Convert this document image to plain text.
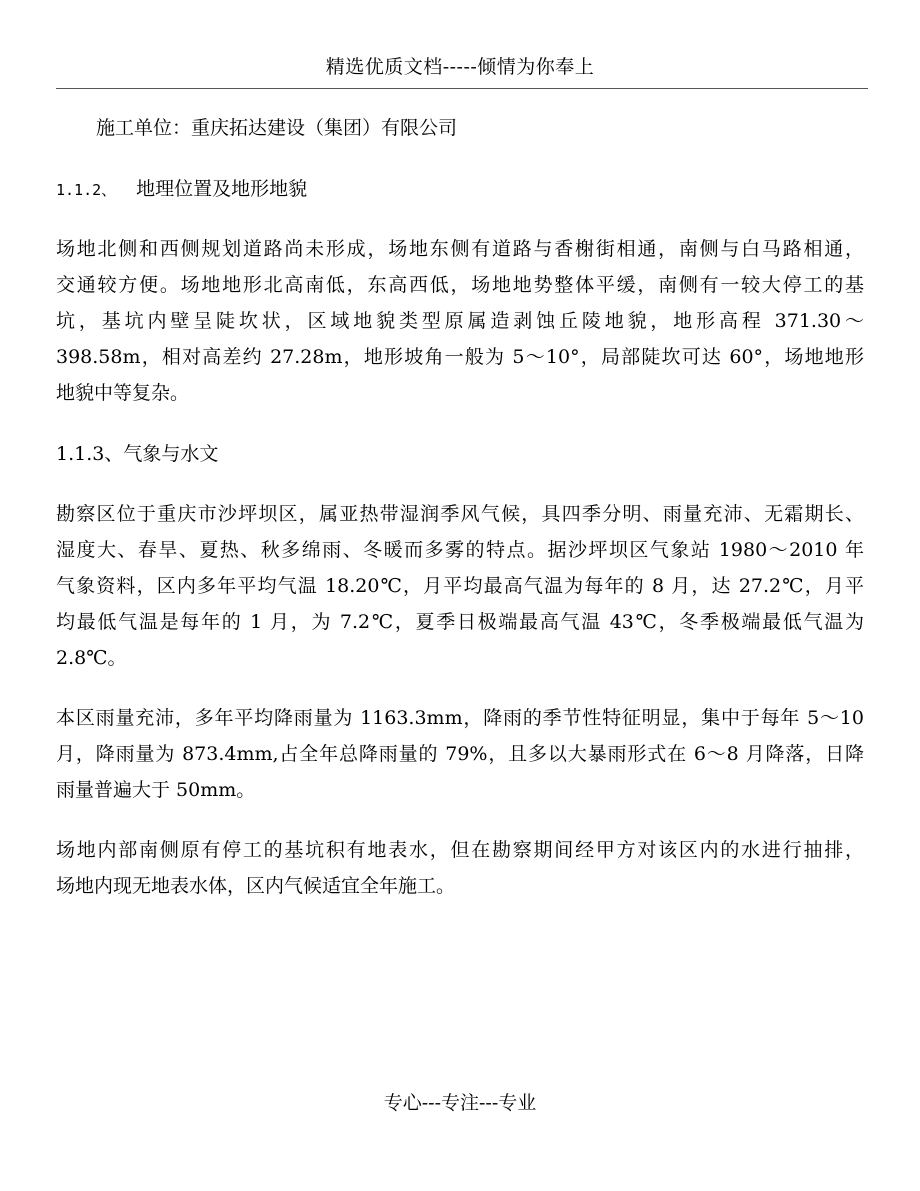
精选优质文档-----倾情为你奉上
施工单位：重庆拓达建设（集团）有限公司
1.1.2、 地理位置及地形地貌
场地北侧和西侧规划道路尚未形成，场地东侧有道路与香榭街相通，南侧与白马路相通，
交通较方便。场地地形北高南低，东高西低，场地地势整体平缓，南侧有一较大停工的基
坑，基坑内壁呈陡坎状，区域地貌类型原属造剥蚀丘陵地貌，地形高程 371.30～
398.58m，相对高差约 27.28m，地形坡角一般为 5～10°，局部陡坎可达 60°，场地地形
地貌中等复杂。
1.1.3、气象与水文
勘察区位于重庆市沙坪坝区，属亚热带湿润季风气候，具四季分明、雨量充沛、无霜期长、
湿度大、春旱、夏热、秋多绵雨、冬暖而多雾的特点。据沙坪坝区气象站 1980～2010 年
气象资料，区内多年平均气温 18.20℃，月平均最高气温为每年的 8 月，达 27.2℃，月平
均最低气温是每年的 1 月，为 7.2℃，夏季日极端最高气温 43℃，冬季极端最低气温为
2.8℃。
本区雨量充沛，多年平均降雨量为 1163.3mm，降雨的季节性特征明显，集中于每年 5～10
月，降雨量为 873.4mm,占全年总降雨量的 79%，且多以大暴雨形式在 6～8 月降落，日降
雨量普遍大于 50mm。
场地内部南侧原有停工的基坑积有地表水，但在勘察期间经甲方对该区内的水进行抽排，
场地内现无地表水体，区内气候适宜全年施工。
专心---专注---专业
